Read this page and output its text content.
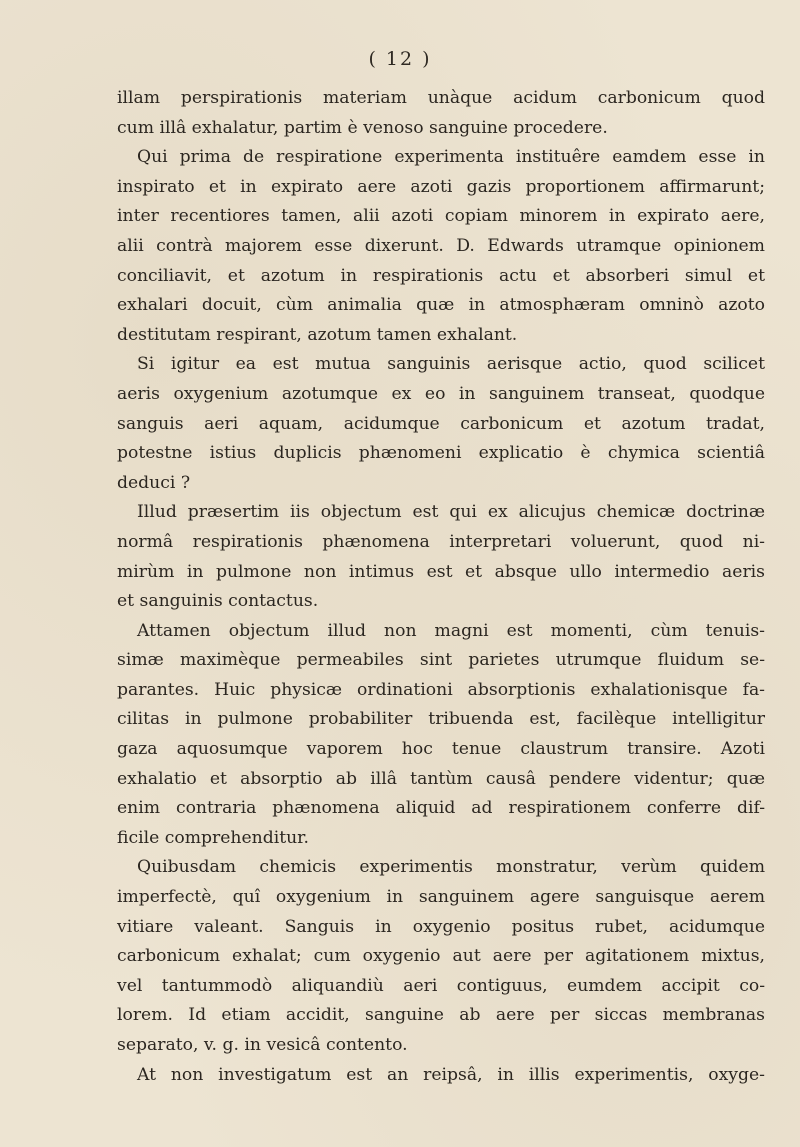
( 12 )
illam perspirationis materiam unàque acidum carbonicum quod
cum illâ exhalatur, partim è venoso sanguine procedere.
Qui prima de respiratione experimenta instituêre eamdem esse in
inspirato et in expirato aere azoti gazis proportionem affirmarunt;
inter recentiores tamen, alii azoti copiam minorem in expirato aere,
alii contrà majorem esse dixerunt. D. Edwards utramque opinionem
conciliavit, et azotum in respirationis actu et absorberi simul et
exhalari docuit, cùm animalia quæ in atmosphæram omninò azoto
destitutam respirant, azotum tamen exhalant.
Si igitur ea est mutua sanguinis aerisque actio, quod scilicet
aeris oxygenium azotumque ex eo in sanguinem transeat, quodque
sanguis aeri aquam, acidumque carbonicum et azotum tradat,
potestne istius duplicis phænomeni explicatio è chymica scientiâ
deduci ?
Illud præsertim iis objectum est qui ex alicujus chemicæ doctrinæ
normâ respirationis phænomena interpretari voluerunt, quod ni-
mirùm in pulmone non intimus est et absque ullo intermedio aeris
et sanguinis contactus.
Attamen objectum illud non magni est momenti, cùm tenuis-
simæ maximèque permeabiles sint parietes utrumque fluidum se-
parantes. Huic physicæ ordinationi absorptionis exhalationisque fa-
cilitas in pulmone probabiliter tribuenda est, facilèque intelligitur
gaza aquosumque vaporem hoc tenue claustrum transire. Azoti
exhalatio et absorptio ab illâ tantùm causâ pendere videntur; quæ
enim contraria phænomena aliquid ad respirationem conferre dif-
ficile comprehenditur.
Quibusdam chemicis experimentis monstratur, verùm quidem
imperfectè, quî oxygenium in sanguinem agere sanguisque aerem
vitiare valeant. Sanguis in oxygenio positus rubet, acidumque
carbonicum exhalat; cum oxygenio aut aere per agitationem mixtus,
vel tantummodò aliquandiù aeri contiguus, eumdem accipit co-
lorem. Id etiam accidit, sanguine ab aere per siccas membranas
separato, v. g. in vesicâ contento.
At non investigatum est an reipsâ, in illis experimentis, oxyge-
